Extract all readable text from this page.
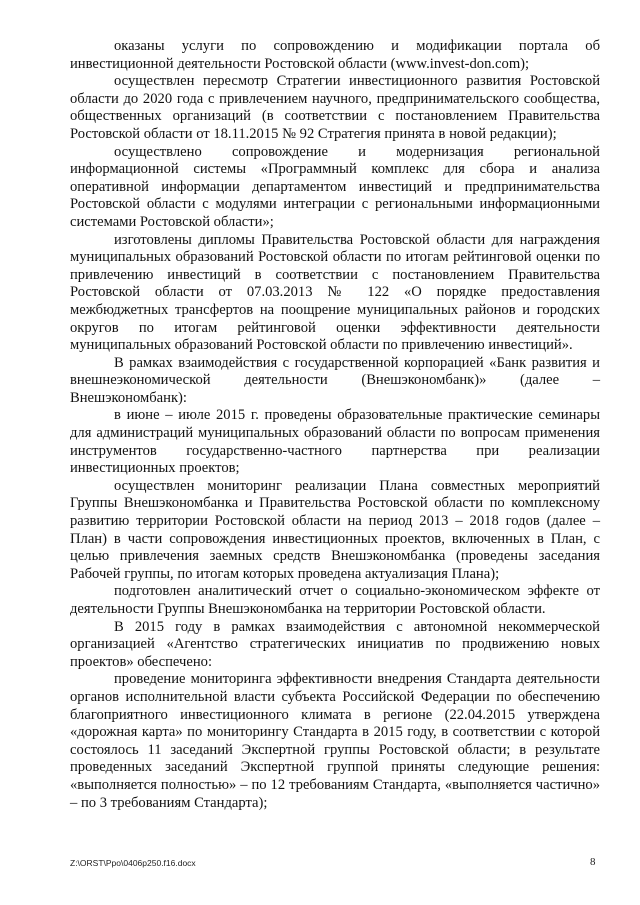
оказаны услуги по сопровождению и модификации портала об инвестиционной деятельности Ростовской области (www.invest-don.com);

осуществлен пересмотр Стратегии инвестиционного развития Ростовской области до 2020 года с привлечением научного, предпринимательского сообщества, общественных организаций (в соответствии с постановлением Правительства Ростовской области от 18.11.2015 № 92 Стратегия принята в новой редакции);

осуществлено сопровождение и модернизация региональной информационной системы «Программный комплекс для сбора и анализа оперативной информации департаментом инвестиций и предпринимательства Ростовской области с модулями интеграции с региональными информационными системами Ростовской области»;

изготовлены дипломы Правительства Ростовской области для награждения муниципальных образований Ростовской области по итогам рейтинговой оценки по привлечению инвестиций в соответствии с постановлением Правительства Ростовской области от 07.03.2013 № 122 «О порядке предоставления межбюджетных трансфертов на поощрение муниципальных районов и городских округов по итогам рейтинговой оценки эффективности деятельности муниципальных образований Ростовской области по привлечению инвестиций».

В рамках взаимодействия с государственной корпорацией «Банк развития и внешнеэкономической деятельности (Внешэкономбанк)» (далее – Внешэкономбанк):

в июне – июле 2015 г. проведены образовательные практические семинары для администраций муниципальных образований области по вопросам применения инструментов государственно-частного партнерства при реализации инвестиционных проектов;

осуществлен мониторинг реализации Плана совместных мероприятий Группы Внешэкономбанка и Правительства Ростовской области по комплексному развитию территории Ростовской области на период 2013 – 2018 годов (далее – План) в части сопровождения инвестиционных проектов, включенных в План, с целью привлечения заемных средств Внешэкономбанка (проведены заседания Рабочей группы, по итогам которых проведена актуализация Плана);

подготовлен аналитический отчет о социально-экономическом эффекте от деятельности Группы Внешэкономбанка на территории Ростовской области.

В 2015 году в рамках взаимодействия с автономной некоммерческой организацией «Агентство стратегических инициатив по продвижению новых проектов» обеспечено:

проведение мониторинга эффективности внедрения Стандарта деятельности органов исполнительной власти субъекта Российской Федерации по обеспечению благоприятного инвестиционного климата в регионе (22.04.2015 утверждена «дорожная карта» по мониторингу Стандарта в 2015 году, в соответствии с которой состоялось 11 заседаний Экспертной группы Ростовской области; в результате проведенных заседаний Экспертной группой приняты следующие решения: «выполняется полностью» – по 12 требованиям Стандарта, «выполняется частично» – по 3 требованиям Стандарта);

Z:\ORST\Ppo\0406p250.f16.docx	8
